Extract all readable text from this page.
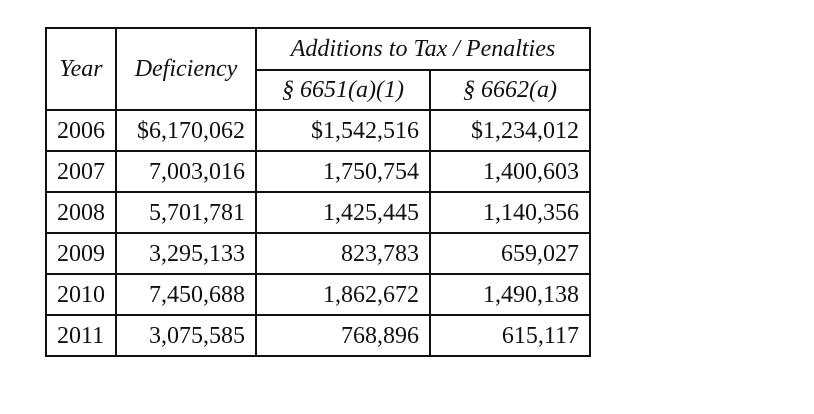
Year	Deficiency	Additions to Tax / Penalties	
		§ 6651(a)(1)	§ 6662(a)
2006	$6,170,062	$1,542,516	$1,234,012
2007	7,003,016	1,750,754	1,400,603
2008	5,701,781	1,425,445	1,140,356
2009	3,295,133	823,783	659,027
2010	7,450,688	1,862,672	1,490,138
2011	3,075,585	768,896	615,117
